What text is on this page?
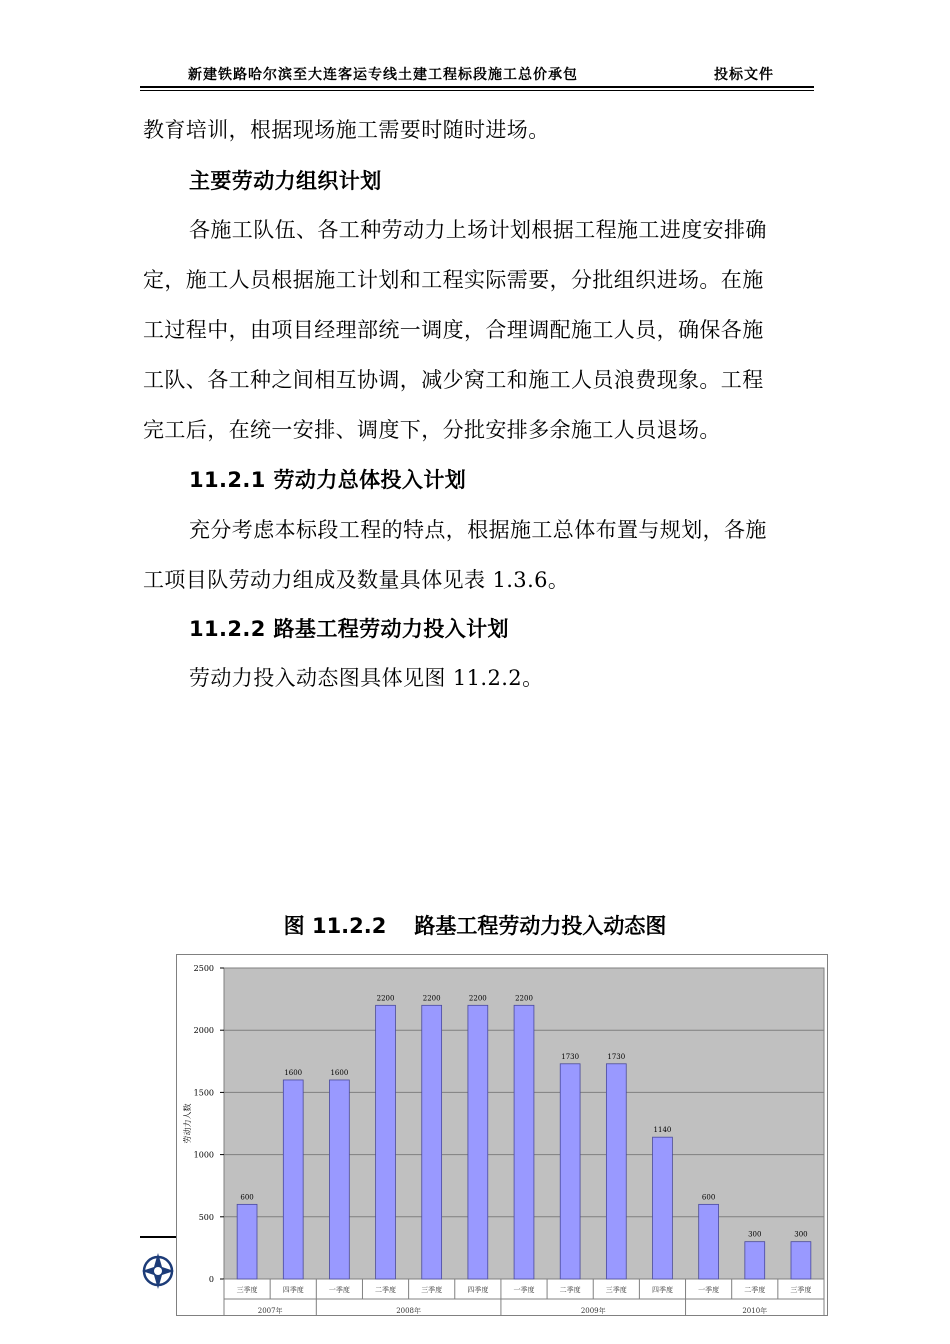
新建铁路哈尔滨至大连客运专线土建工程标段施工总价承包	投标文件
教育培训，根据现场施工需要时随时进场。
主要劳动力组织计划
各施工队伍、各工种劳动力上场计划根据工程施工进度安排确
定，施工人员根据施工计划和工程实际需要，分批组织进场。在施
工过程中，由项目经理部统一调度，合理调配施工人员，确保各施
工队、各工种之间相互协调，减少窝工和施工人员浪费现象。工程
完工后，在统一安排、调度下，分批安排多余施工人员退场。
11.2.1 劳动力总体投入计划
充分考虑本标段工程的特点，根据施工总体布置与规划，各施
工项目队劳动力组成及数量具体见表 1.3.6。
11.2.2 路基工程劳动力投入计划
劳动力投入动态图具体见图 11.2.2。
图 11.2.2 路基工程劳动力投入动态图
0
500
1000
1500
2000
2500
劳动力人数
600
三季度
1600
四季度
1600
一季度
2200
二季度
2200
三季度
2200
四季度
2200
一季度
1730
二季度
1730
三季度
1140
四季度
600
一季度
300
二季度
300
三季度
2007年	2008年	2009年	2010年
